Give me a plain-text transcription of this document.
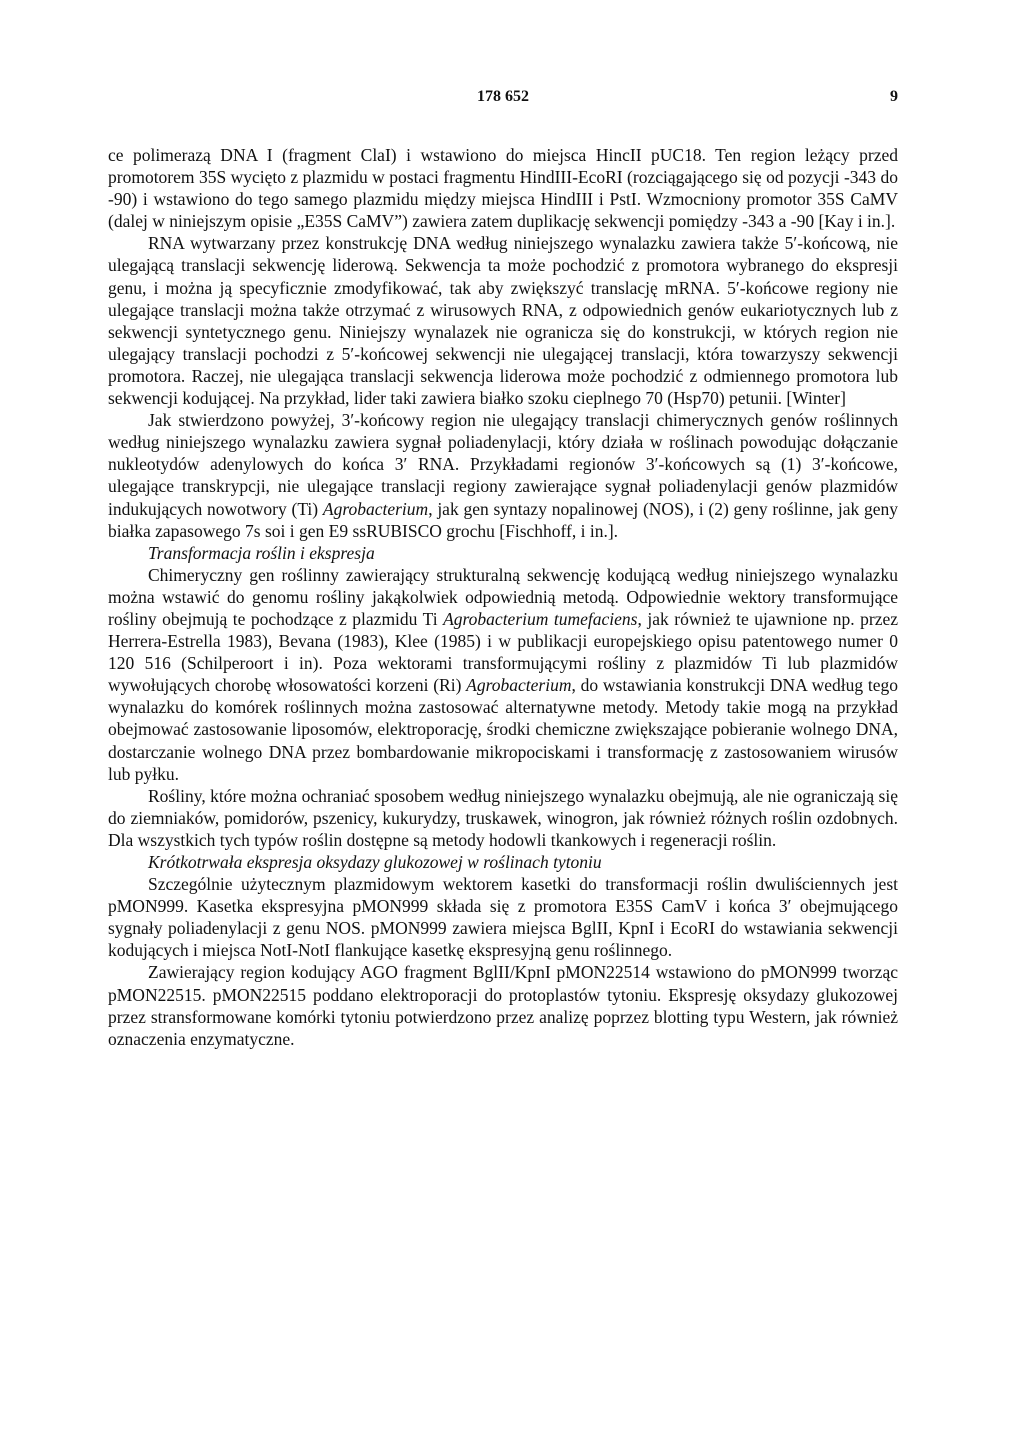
178 652	9

ce polimerazą DNA I (fragment ClaI) i wstawiono do miejsca HincII pUC18. Ten region leżący przed promotorem 35S wycięto z plazmidu w postaci fragmentu HindIII-EcoRI (rozciągającego się od pozycji -343 do -90) i wstawiono do tego samego plazmidu między miejsca HindIII i PstI. Wzmocniony promotor 35S CaMV (dalej w niniejszym opisie „E35S CaMV”) zawiera zatem duplikację sekwencji pomiędzy -343 a -90 [Kay i in.].

RNA wytwarzany przez konstrukcję DNA według niniejszego wynalazku zawiera także 5′-końcową, nie ulegającą translacji sekwencję liderową. Sekwencja ta może pochodzić z promotora wybranego do ekspresji genu, i można ją specyficznie zmodyfikować, tak aby zwiększyć translację mRNA. 5′-końcowe regiony nie ulegające translacji można także otrzymać z wirusowych RNA, z odpowiednich genów eukariotycznych lub z sekwencji syntetycznego genu. Niniejszy wynalazek nie ogranicza się do konstrukcji, w których region nie ulegający translacji pochodzi z 5′-końcowej sekwencji nie ulegającej translacji, która towarzyszy sekwencji promotora. Raczej, nie ulegająca translacji sekwencja liderowa może pochodzić z odmiennego promotora lub sekwencji kodującej. Na przykład, lider taki zawiera białko szoku cieplnego 70 (Hsp70) petunii. [Winter]

Jak stwierdzono powyżej, 3′-końcowy region nie ulegający translacji chimerycznych genów roślinnych według niniejszego wynalazku zawiera sygnał poliadenylacji, który działa w roślinach powodując dołączanie nukleotydów adenylowych do końca 3′ RNA. Przykładami regionów 3′-końcowych są (1) 3′-końcowe, ulegające transkrypcji, nie ulegające translacji regiony zawierające sygnał poliadenylacji genów plazmidów indukujących nowotwory (Ti) Agrobacterium, jak gen syntazy nopalinowej (NOS), i (2) geny roślinne, jak geny białka zapasowego 7s soi i gen E9 ssRUBISCO grochu [Fischhoff, i in.].

Transformacja roślin i ekspresja

Chimeryczny gen roślinny zawierający strukturalną sekwencję kodującą według niniejszego wynalazku można wstawić do genomu rośliny jakąkolwiek odpowiednią metodą. Odpowiednie wektory transformujące rośliny obejmują te pochodzące z plazmidu Ti Agrobacterium tumefaciens, jak również te ujawnione np. przez Herrera-Estrella 1983), Bevana (1983), Klee (1985) i w publikacji europejskiego opisu patentowego numer 0 120 516 (Schilperoort i in). Poza wektorami transformującymi rośliny z plazmidów Ti lub plazmidów wywołujących chorobę włosowatości korzeni (Ri) Agrobacterium, do wstawiania konstrukcji DNA według tego wynalazku do komórek roślinnych można zastosować alternatywne metody. Metody takie mogą na przykład obejmować zastosowanie liposomów, elektroporację, środki chemiczne zwiększające pobieranie wolnego DNA, dostarczanie wolnego DNA przez bombardowanie mikropociskami i transformację z zastosowaniem wirusów lub pyłku.

Rośliny, które można ochraniać sposobem według niniejszego wynalazku obejmują, ale nie ograniczają się do ziemniaków, pomidorów, pszenicy, kukurydzy, truskawek, winogron, jak również różnych roślin ozdobnych. Dla wszystkich tych typów roślin dostępne są metody hodowli tkankowych i regeneracji roślin.

Krótkotrwała ekspresja oksydazy glukozowej w roślinach tytoniu

Szczególnie użytecznym plazmidowym wektorem kasetki do transformacji roślin dwuliściennych jest pMON999. Kasetka ekspresyjna pMON999 składa się z promotora E35S CamV i końca 3′ obejmującego sygnały poliadenylacji z genu NOS. pMON999 zawiera miejsca BglII, KpnI i EcoRI do wstawiania sekwencji kodujących i miejsca NotI-NotI flankujące kasetkę ekspresyjną genu roślinnego.

Zawierający region kodujący AGO fragment BglII/KpnI pMON22514 wstawiono do pMON999 tworząc pMON22515. pMON22515 poddano elektroporacji do protoplastów tytoniu. Ekspresję oksydazy glukozowej przez stransformowane komórki tytoniu potwierdzono przez analizę poprzez blotting typu Western, jak również oznaczenia enzymatyczne.
